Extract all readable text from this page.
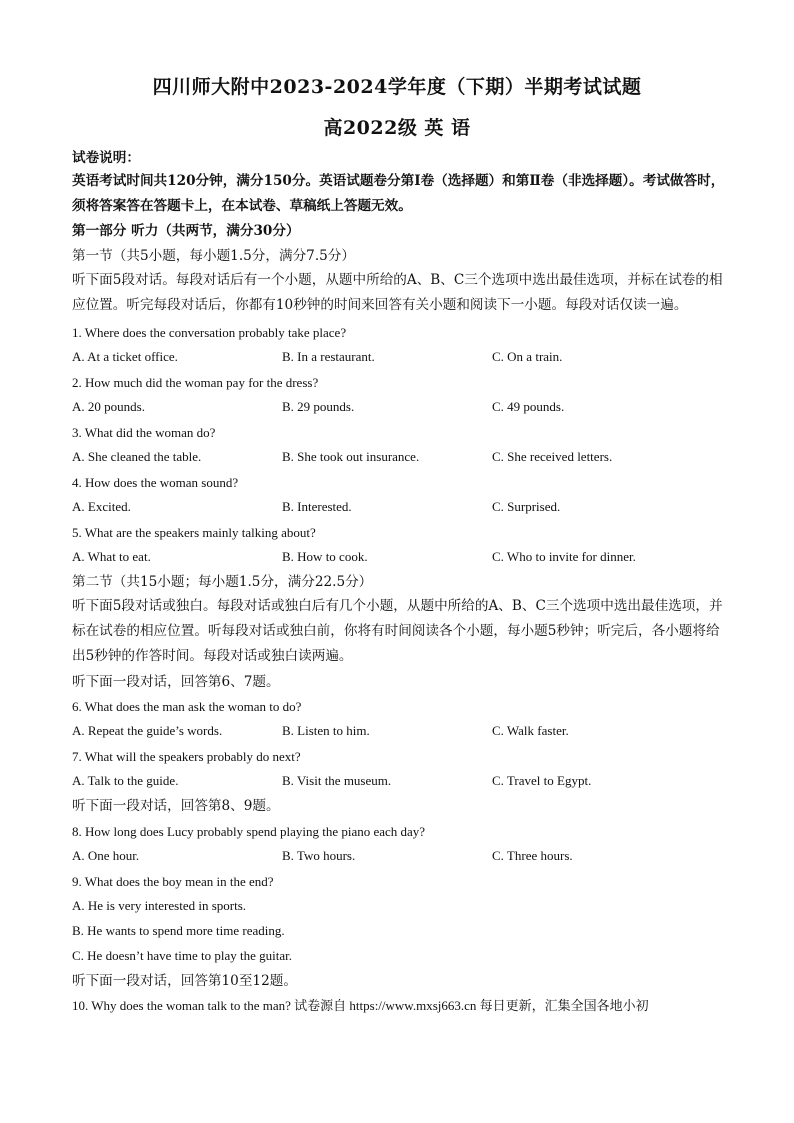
四川师大附中2023-2024学年度（下期）半期考试试题
高2022级 英 语
试卷说明：
英语考试时间共120分钟，满分150分。英语试题卷分第Ⅰ卷（选择题）和第Ⅱ卷（非选择题）。考试做答时，须将答案答在答题卡上，在本试卷、草稿纸上答题无效。
第一部分 听力（共两节，满分30分）
第一节（共5小题，每小题1.5分，满分7.5分）
听下面5段对话。每段对话后有一个小题，从题中所给的A、B、C三个选项中选出最佳选项，并标在试卷的相应位置。听完每段对话后，你都有10秒钟的时间来回答有关小题和阅读下一小题。每段对话仅读一遍。
1. Where does the conversation probably take place?
A. At a ticket office.	B. In a restaurant.	C. On a train.
2. How much did the woman pay for the dress?
A. 20 pounds.	B. 29 pounds.	C. 49 pounds.
3. What did the woman do?
A. She cleaned the table.	B. She took out insurance.	C. She received letters.
4. How does the woman sound?
A. Excited.	B. Interested.	C. Surprised.
5. What are the speakers mainly talking about?
A. What to eat.	B. How to cook.	C. Who to invite for dinner.
第二节（共15小题；每小题1.5分，满分22.5分）
听下面5段对话或独白。每段对话或独白后有几个小题，从题中所给的A、B、C三个选项中选出最佳选项，并标在试卷的相应位置。听每段对话或独白前，你将有时间阅读各个小题，每小题5秒钟；听完后，各小题将给出5秒钟的作答时间。每段对话或独白读两遍。
听下面一段对话，回答第6、7题。
6. What does the man ask the woman to do?
A. Repeat the guide’s words.	B. Listen to him.	C. Walk faster.
7. What will the speakers probably do next?
A. Talk to the guide.	B. Visit the museum.	C. Travel to Egypt.
听下面一段对话，回答第8、9题。
8. How long does Lucy probably spend playing the piano each day?
A. One hour.	B. Two hours.	C. Three hours.
9. What does the boy mean in the end?
A. He is very interested in sports.
B. He wants to spend more time reading.
C. He doesn’t have time to play the guitar.
听下面一段对话，回答第10至12题。
10. Why does the woman talk to the man? 试卷源自 https://www.mxsj663.cn 每日更新，汇集全国各地小初
